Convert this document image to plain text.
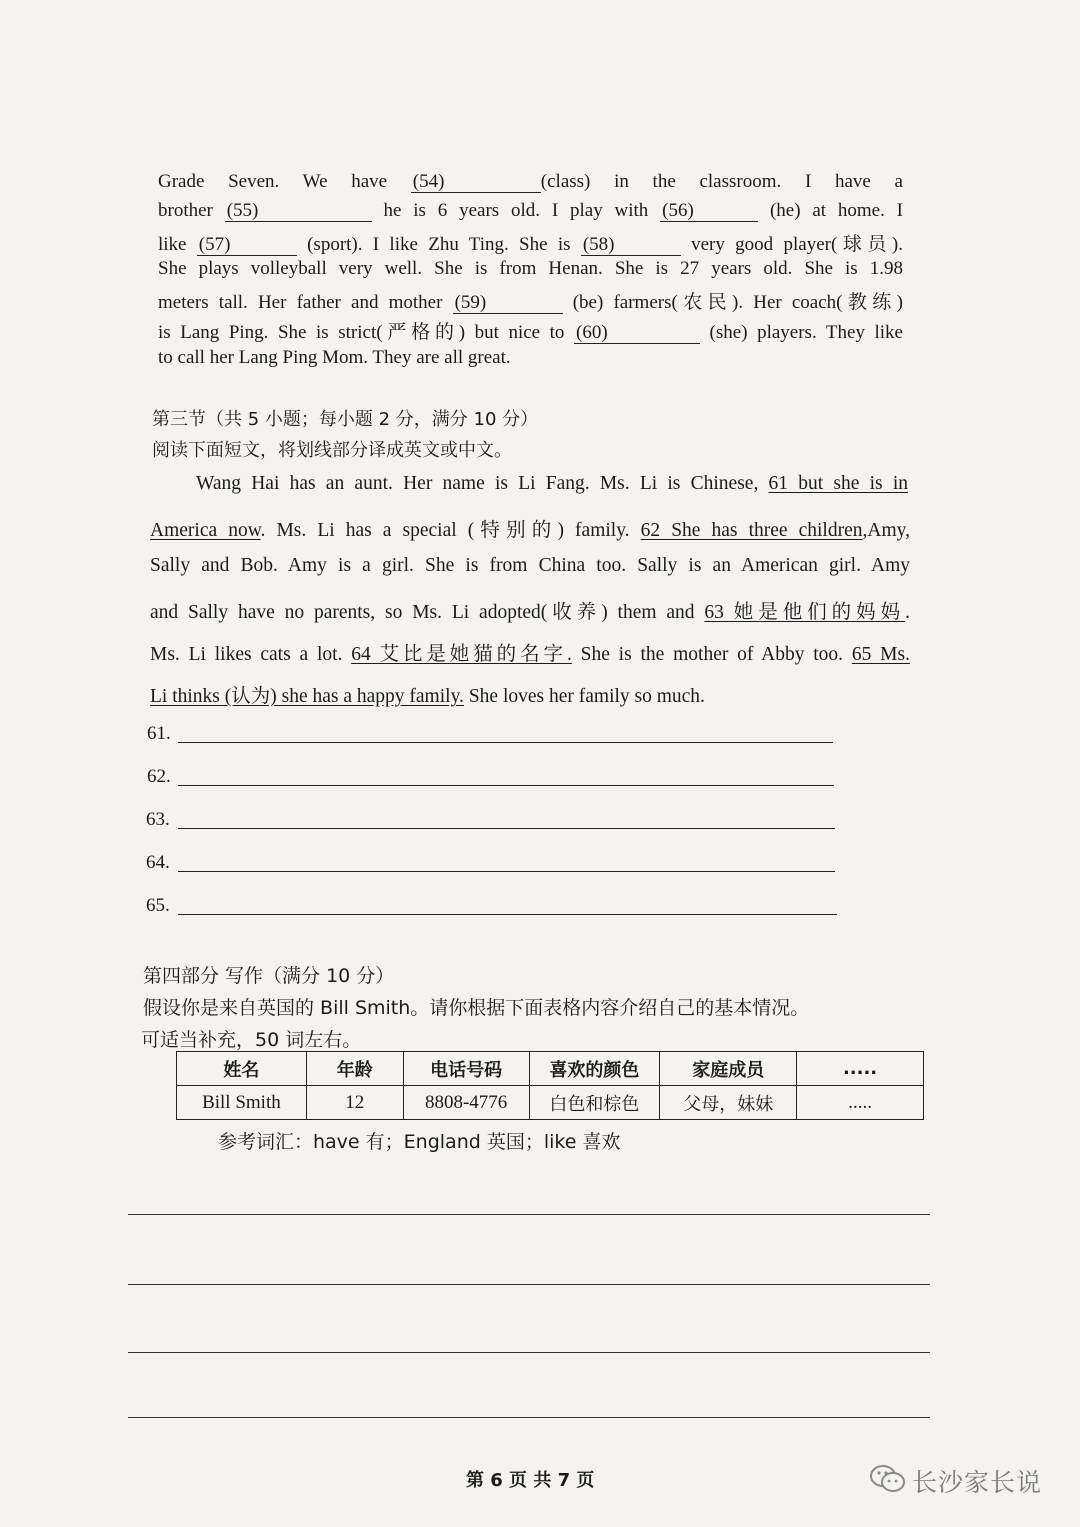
Grade Seven. We have (54)	(class) in the classroom. I have a
brother (55)	he is 6 years old. I play with (56)	(he) at home. I
like (57)	(sport). I like Zhu Ting. She is (58)	very good player(球员).
She plays volleyball very well. She is from Henan. She is 27 years old. She is 1.98
meters tall. Her father and mother (59)	(be) farmers(农民). Her coach(教练)
is Lang Ping. She is strict(严格的) but nice to (60)	(she) players. They like
to call her Lang Ping Mom. They are all great.
第三节（共 5 小题；每小题 2 分，满分 10 分）
阅读下面短文，将划线部分译成英文或中文。
Wang Hai has an aunt. Her name is Li Fang. Ms. Li is Chinese, 61 but she is in
America now. Ms. Li has a special (特别的) family. 62 She has three children,Amy,
Sally and Bob. Amy is a girl. She is from China too. Sally is an American girl. Amy
and Sally have no parents, so Ms. Li adopted(收养) them and 63 她是他们的妈妈.
Ms. Li likes cats a lot. 64 艾比是她猫的名字. She is the mother of Abby too. 65 Ms.
Li thinks (认为) she has a happy family. She loves her family so much.
61.
62.
63.
64.
65.
第四部分 写作（满分 10 分）
假设你是来自英国的 Bill Smith。请你根据下面表格内容介绍自己的基本情况。
可适当补充，50 词左右。
姓名	年龄	电话号码	喜欢的颜色	家庭成员	.....
Bill Smith	12	8808-4776	白色和棕色	父母，妹妹	.....
参考词汇：have 有；England 英国；like 喜欢
第 6 页 共 7 页	长沙家长说
